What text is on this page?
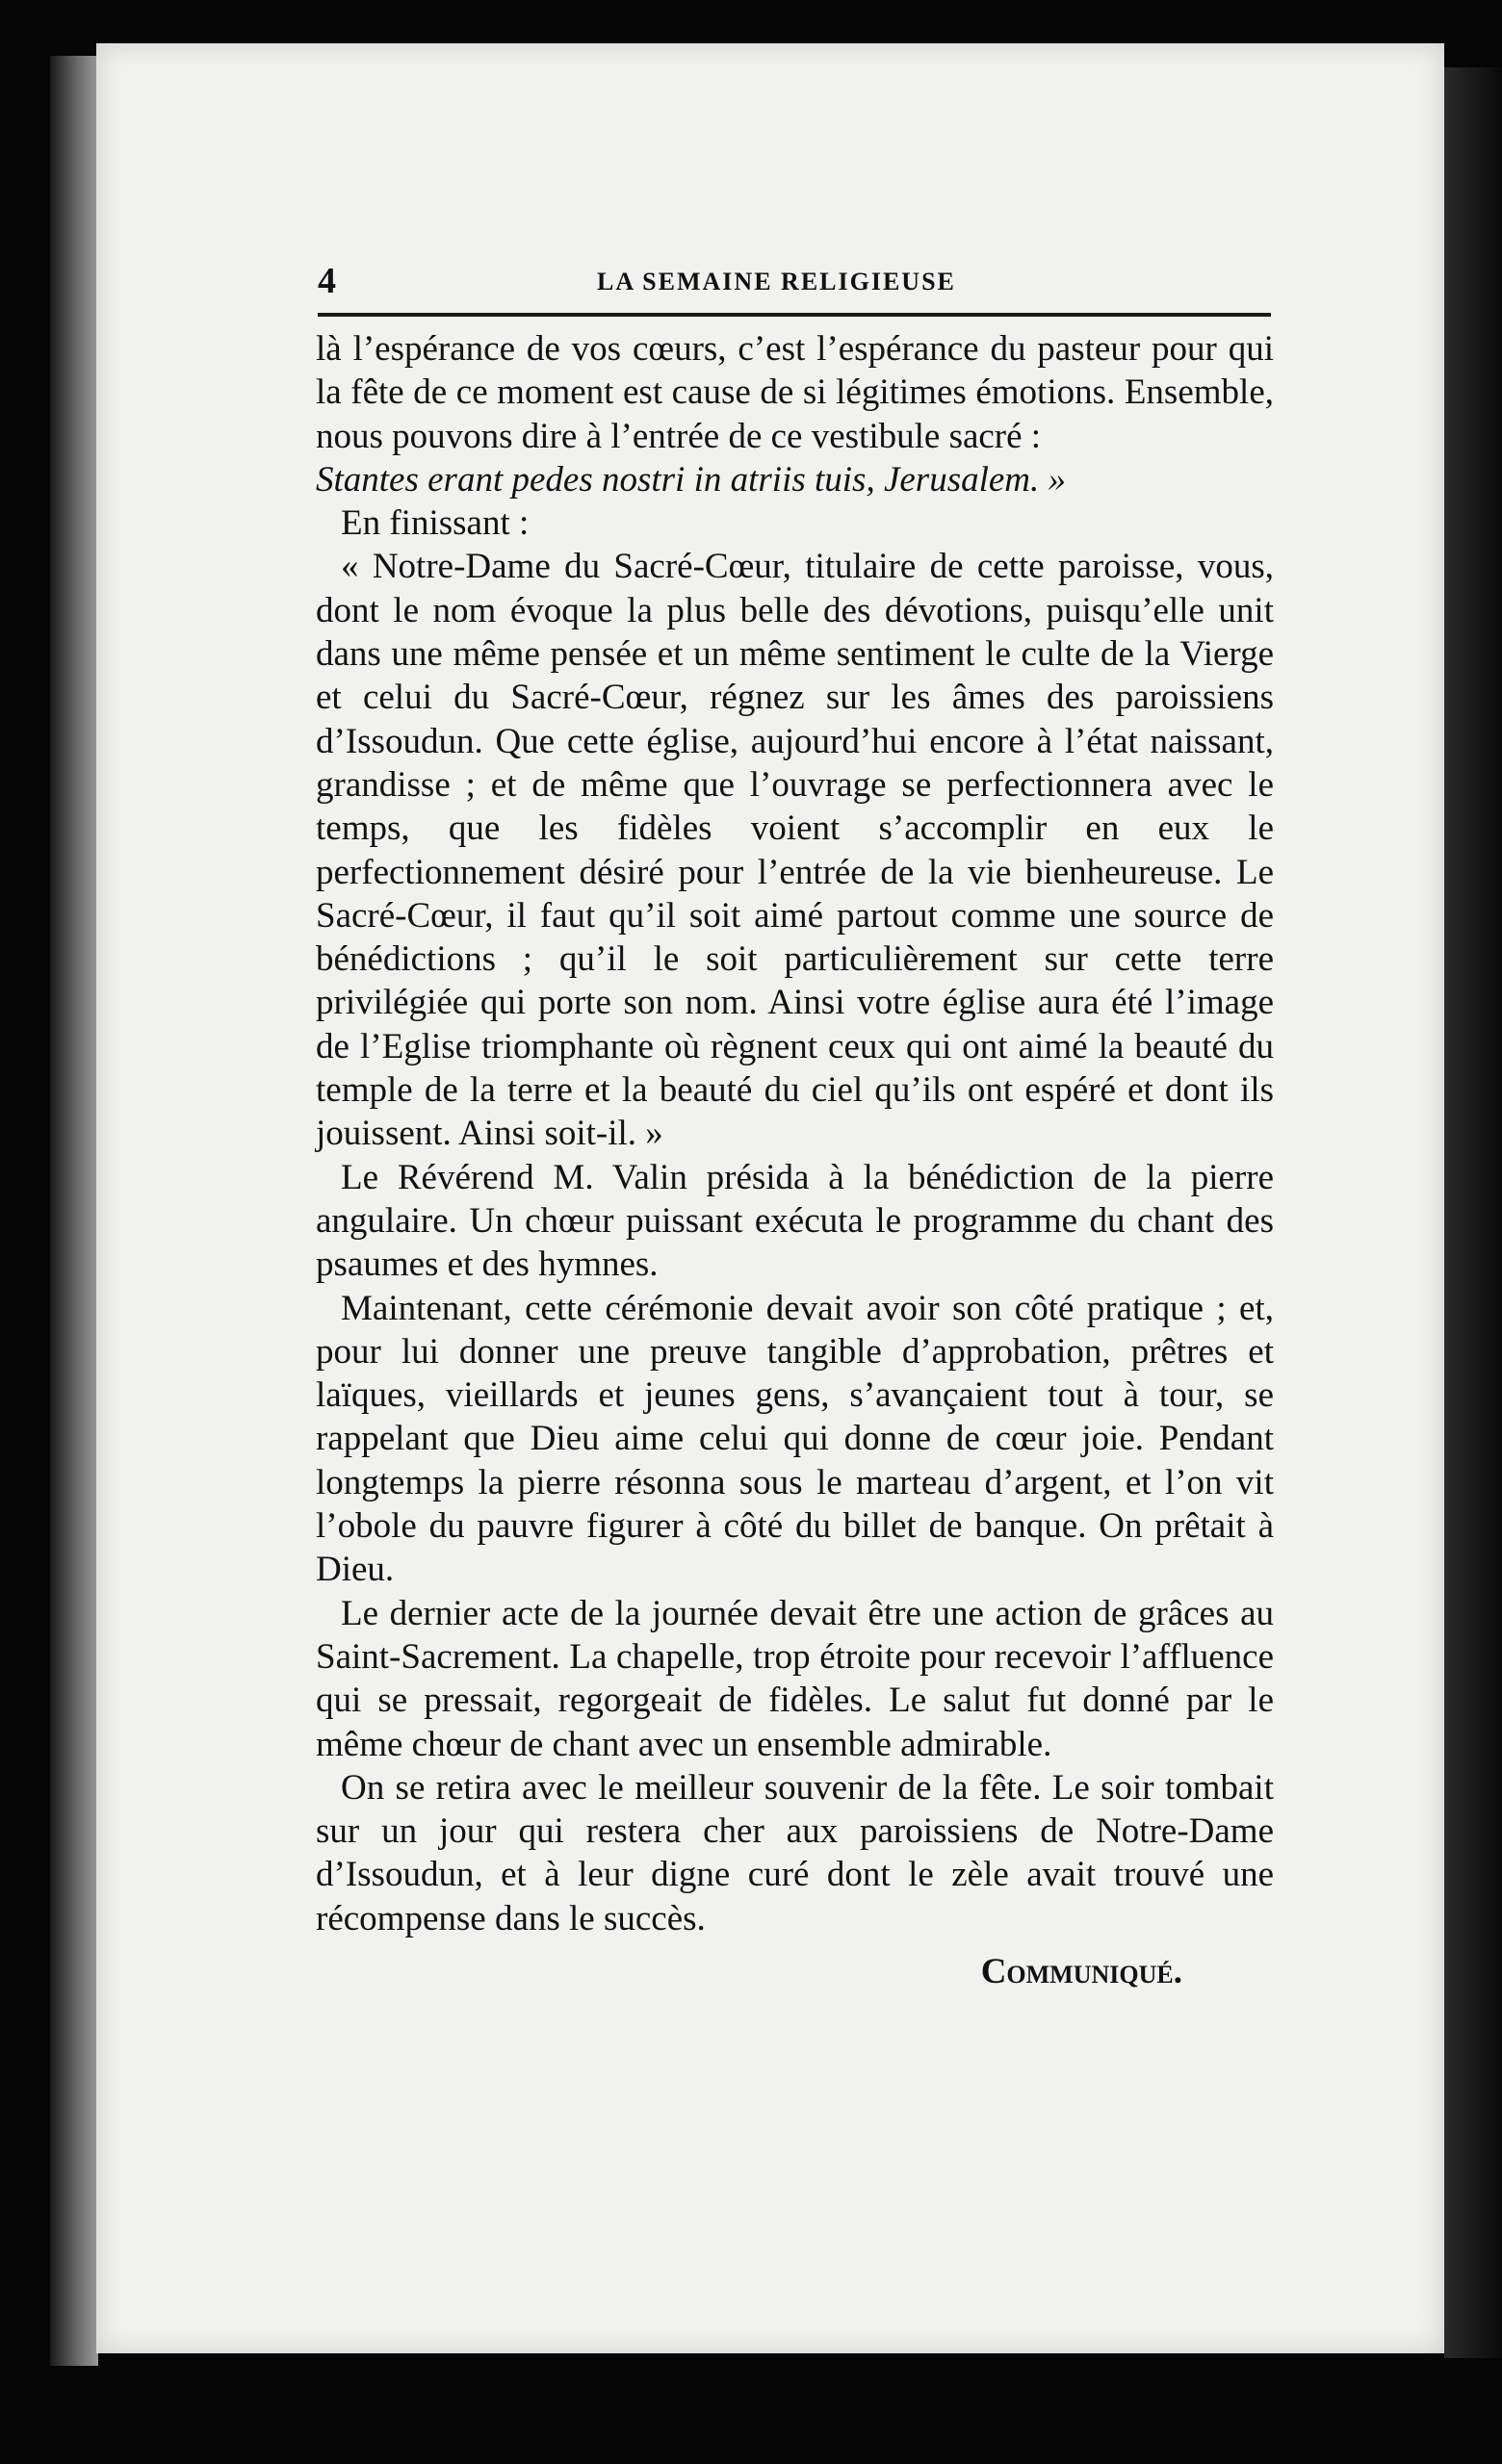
4	LA SEMAINE RELIGIEUSE

là l’espérance de vos cœurs, c’est l’espérance du pasteur pour qui la fête de ce moment est cause de si légitimes émotions. Ensemble, nous pouvons dire à l’entrée de ce vestibule sacré :

Stantes erant pedes nostri in atriis tuis, Jerusalem. »

En finissant :

« Notre-Dame du Sacré-Cœur, titulaire de cette paroisse, vous, dont le nom évoque la plus belle des dévotions, puisqu’elle unit dans une même pensée et un même sentiment le culte de la Vierge et celui du Sacré-Cœur, régnez sur les âmes des paroissiens d’Issoudun. Que cette église, aujourd’hui encore à l’état naissant, grandisse ; et de même que l’ouvrage se perfectionnera avec le temps, que les fidèles voient s’accomplir en eux le perfectionnement désiré pour l’entrée de la vie bienheureuse. Le Sacré-Cœur, il faut qu’il soit aimé partout comme une source de bénédictions ; qu’il le soit particulièrement sur cette terre privilégiée qui porte son nom. Ainsi votre église aura été l’image de l’Eglise triomphante où règnent ceux qui ont aimé la beauté du temple de la terre et la beauté du ciel qu’ils ont espéré et dont ils jouissent. Ainsi soit-il. »

Le Révérend M. Valin présida à la bénédiction de la pierre angulaire. Un chœur puissant exécuta le programme du chant des psaumes et des hymnes.

Maintenant, cette cérémonie devait avoir son côté pratique ; et, pour lui donner une preuve tangible d’approbation, prêtres et laïques, vieillards et jeunes gens, s’avançaient tout à tour, se rappelant que Dieu aime celui qui donne de cœur joie. Pendant longtemps la pierre résonna sous le marteau d’argent, et l’on vit l’obole du pauvre figurer à côté du billet de banque. On prêtait à Dieu.

Le dernier acte de la journée devait être une action de grâces au Saint-Sacrement. La chapelle, trop étroite pour recevoir l’affluence qui se pressait, regorgeait de fidèles. Le salut fut donné par le même chœur de chant avec un ensemble admirable.

On se retira avec le meilleur souvenir de la fête. Le soir tombait sur un jour qui restera cher aux paroissiens de Notre-Dame d’Issoudun, et à leur digne curé dont le zèle avait trouvé une récompense dans le succès.

Communiqué.
